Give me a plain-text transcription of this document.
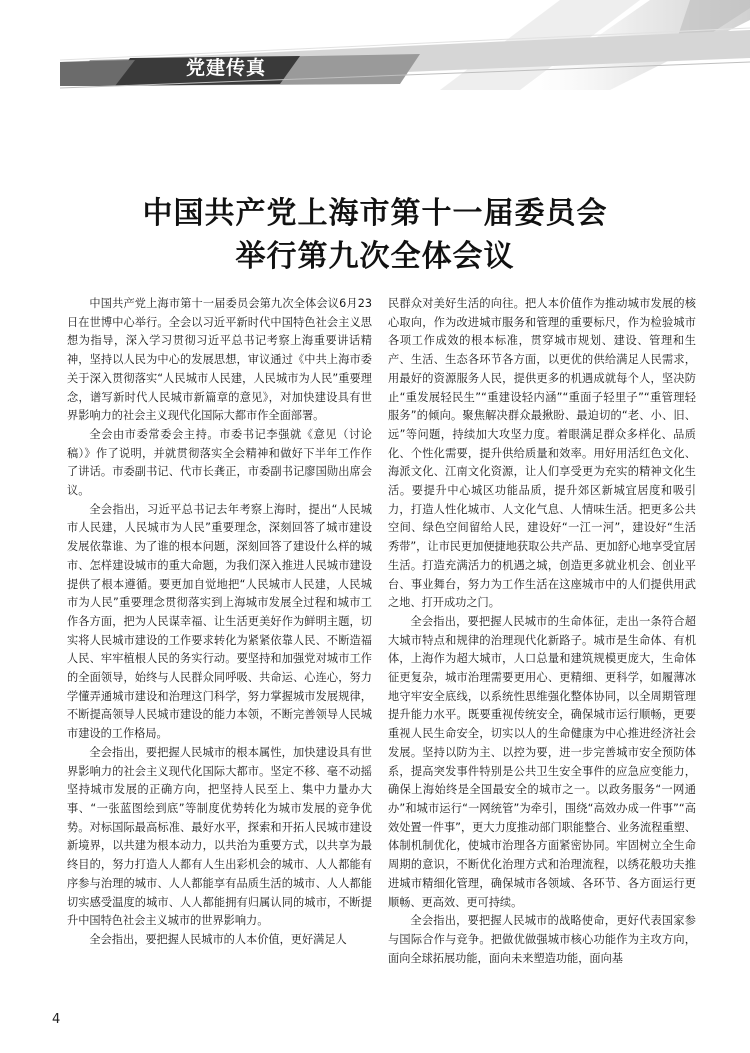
党建传真
中国共产党上海市第十一届委员会
举行第九次全体会议

中国共产党上海市第十一届委员会第九次全体会议6月23日在世博中心举行。全会以习近平新时代中国特色社会主义思想为指导，深入学习贯彻习近平总书记考察上海重要讲话精神，坚持以人民为中心的发展思想，审议通过《中共上海市委关于深入贯彻落实“人民城市人民建，人民城市为人民”重要理念，谱写新时代人民城市新篇章的意见》，对加快建设具有世界影响力的社会主义现代化国际大都市作全面部署。

全会由市委常委会主持。市委书记李强就《意见（讨论稿）》作了说明，并就贯彻落实全会精神和做好下半年工作作了讲话。市委副书记、代市长龚正，市委副书记廖国勋出席会议。

全会指出，习近平总书记去年考察上海时，提出“人民城市人民建，人民城市为人民”重要理念，深刻回答了城市建设发展依靠谁、为了谁的根本问题，深刻回答了建设什么样的城市、怎样建设城市的重大命题，为我们深入推进人民城市建设提供了根本遵循。要更加自觉地把“人民城市人民建，人民城市为人民”重要理念贯彻落实到上海城市发展全过程和城市工作各方面，把为人民谋幸福、让生活更美好作为鲜明主题，切实将人民城市建设的工作要求转化为紧紧依靠人民、不断造福人民、牢牢植根人民的务实行动。要坚持和加强党对城市工作的全面领导，始终与人民群众同呼吸、共命运、心连心，努力学懂弄通城市建设和治理这门科学，努力掌握城市发展规律，不断提高领导人民城市建设的能力本领，不断完善领导人民城市建设的工作格局。

全会指出，要把握人民城市的根本属性，加快建设具有世界影响力的社会主义现代化国际大都市。坚定不移、毫不动摇坚持城市发展的正确方向，把坚持人民至上、集中力量办大事、“一张蓝图绘到底”等制度优势转化为城市发展的竞争优势。对标国际最高标准、最好水平，探索和开拓人民城市建设新境界，以共建为根本动力，以共治为重要方式，以共享为最终目的，努力打造人人都有人生出彩机会的城市、人人都能有序参与治理的城市、人人都能享有品质生活的城市、人人都能切实感受温度的城市、人人都能拥有归属认同的城市，不断提升中国特色社会主义城市的世界影响力。

全会指出，要把握人民城市的人本价值，更好满足人

民群众对美好生活的向往。把人本价值作为推动城市发展的核心取向，作为改进城市服务和管理的重要标尺，作为检验城市各项工作成效的根本标准，贯穿城市规划、建设、管理和生产、生活、生态各环节各方面，以更优的供给满足人民需求，用最好的资源服务人民，提供更多的机遇成就每个人，坚决防止“重发展轻民生”“重建设轻内涵”“重面子轻里子”“重管理轻服务”的倾向。聚焦解决群众最揪盼、最迫切的“老、小、旧、远”等问题，持续加大攻坚力度。着眼满足群众多样化、品质化、个性化需要，提升供给质量和效率。用好用活红色文化、海派文化、江南文化资源，让人们享受更为充实的精神文化生活。要提升中心城区功能品质，提升郊区新城宜居度和吸引力，打造人性化城市、人文化气息、人情味生活。把更多公共空间、绿色空间留给人民，建设好“一江一河”，建设好“生活秀带”，让市民更加便捷地获取公共产品、更加舒心地享受宜居生活。打造充满活力的机遇之城，创造更多就业机会、创业平台、事业舞台，努力为工作生活在这座城市中的人们提供用武之地、打开成功之门。

全会指出，要把握人民城市的生命体征，走出一条符合超大城市特点和规律的治理现代化新路子。城市是生命体、有机体，上海作为超大城市，人口总量和建筑规模更庞大，生命体征更复杂，城市治理需要更用心、更精细、更科学，如履薄冰地守牢安全底线，以系统性思维强化整体协同，以全周期管理提升能力水平。既要重视传统安全，确保城市运行顺畅，更要重视人民生命安全，切实以人的生命健康为中心推进经济社会发展。坚持以防为主、以控为要，进一步完善城市安全预防体系，提高突发事件特别是公共卫生安全事件的应急应变能力，确保上海始终是全国最安全的城市之一。以政务服务“一网通办”和城市运行“一网统管”为牵引，围绕“高效办成一件事”“高效处置一件事”，更大力度推动部门职能整合、业务流程重塑、体制机制优化，使城市治理各方面紧密协同。牢固树立全生命周期的意识，不断优化治理方式和治理流程，以绣花般功夫推进城市精细化管理，确保城市各领域、各环节、各方面运行更顺畅、更高效、更可持续。

全会指出，要把握人民城市的战略使命，更好代表国家参与国际合作与竞争。把做优做强城市核心功能作为主攻方向，面向全球拓展功能，面向未来塑造功能，面向基

4
